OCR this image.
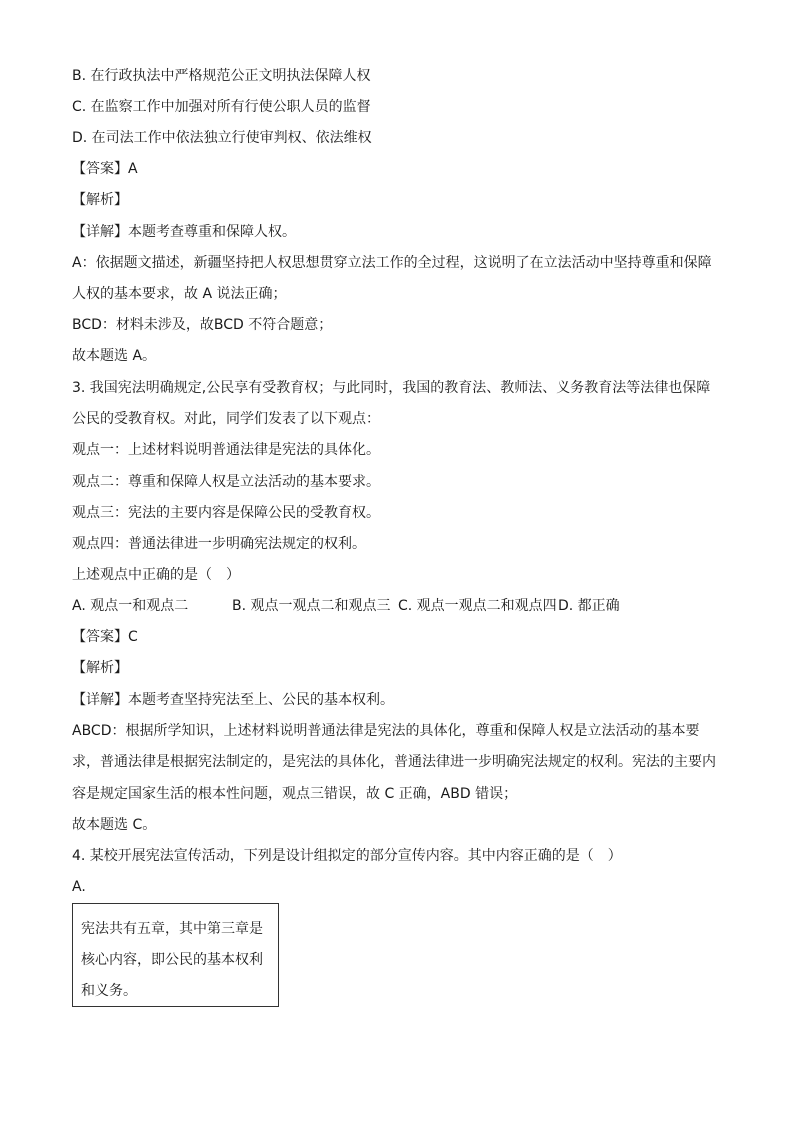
B. 在行政执法中严格规范公正文明执法保障人权
C. 在监察工作中加强对所有行使公职人员的监督
D. 在司法工作中依法独立行使审判权、依法维权
【答案】A
【解析】
【详解】本题考查尊重和保障人权。
A：依据题文描述，新疆坚持把人权思想贯穿立法工作的全过程，这说明了在立法活动中坚持尊重和保障
人权的基本要求，故 A 说法正确；
BCD：材料未涉及，故BCD 不符合题意；
故本题选 A。
3. 我国宪法明确规定,公民享有受教育权；与此同时，我国的教育法、教师法、义务教育法等法律也保障
公民的受教育权。对此，同学们发表了以下观点：
观点一：上述材料说明普通法律是宪法的具体化。
观点二：尊重和保障人权是立法活动的基本要求。
观点三：宪法的主要内容是保障公民的受教育权。
观点四：普通法律进一步明确宪法规定的权利。
上述观点中正确的是（　）
A. 观点一和观点二	B. 观点一观点二和观点三 C. 观点一观点二和观点四 D. 都正确
【答案】C
【解析】
【详解】本题考查坚持宪法至上、公民的基本权利。
ABCD：根据所学知识，上述材料说明普通法律是宪法的具体化，尊重和保障人权是立法活动的基本要
求，普通法律是根据宪法制定的，是宪法的具体化，普通法律进一步明确宪法规定的权利。宪法的主要内
容是规定国家生活的根本性问题，观点三错误，故 C 正确，ABD 错误；
故本题选 C。
4. 某校开展宪法宣传活动，下列是设计组拟定的部分宣传内容。其中内容正确的是（　）
A.
宪法共有五章，其中第三章是
核心内容，即公民的基本权利
和义务。
